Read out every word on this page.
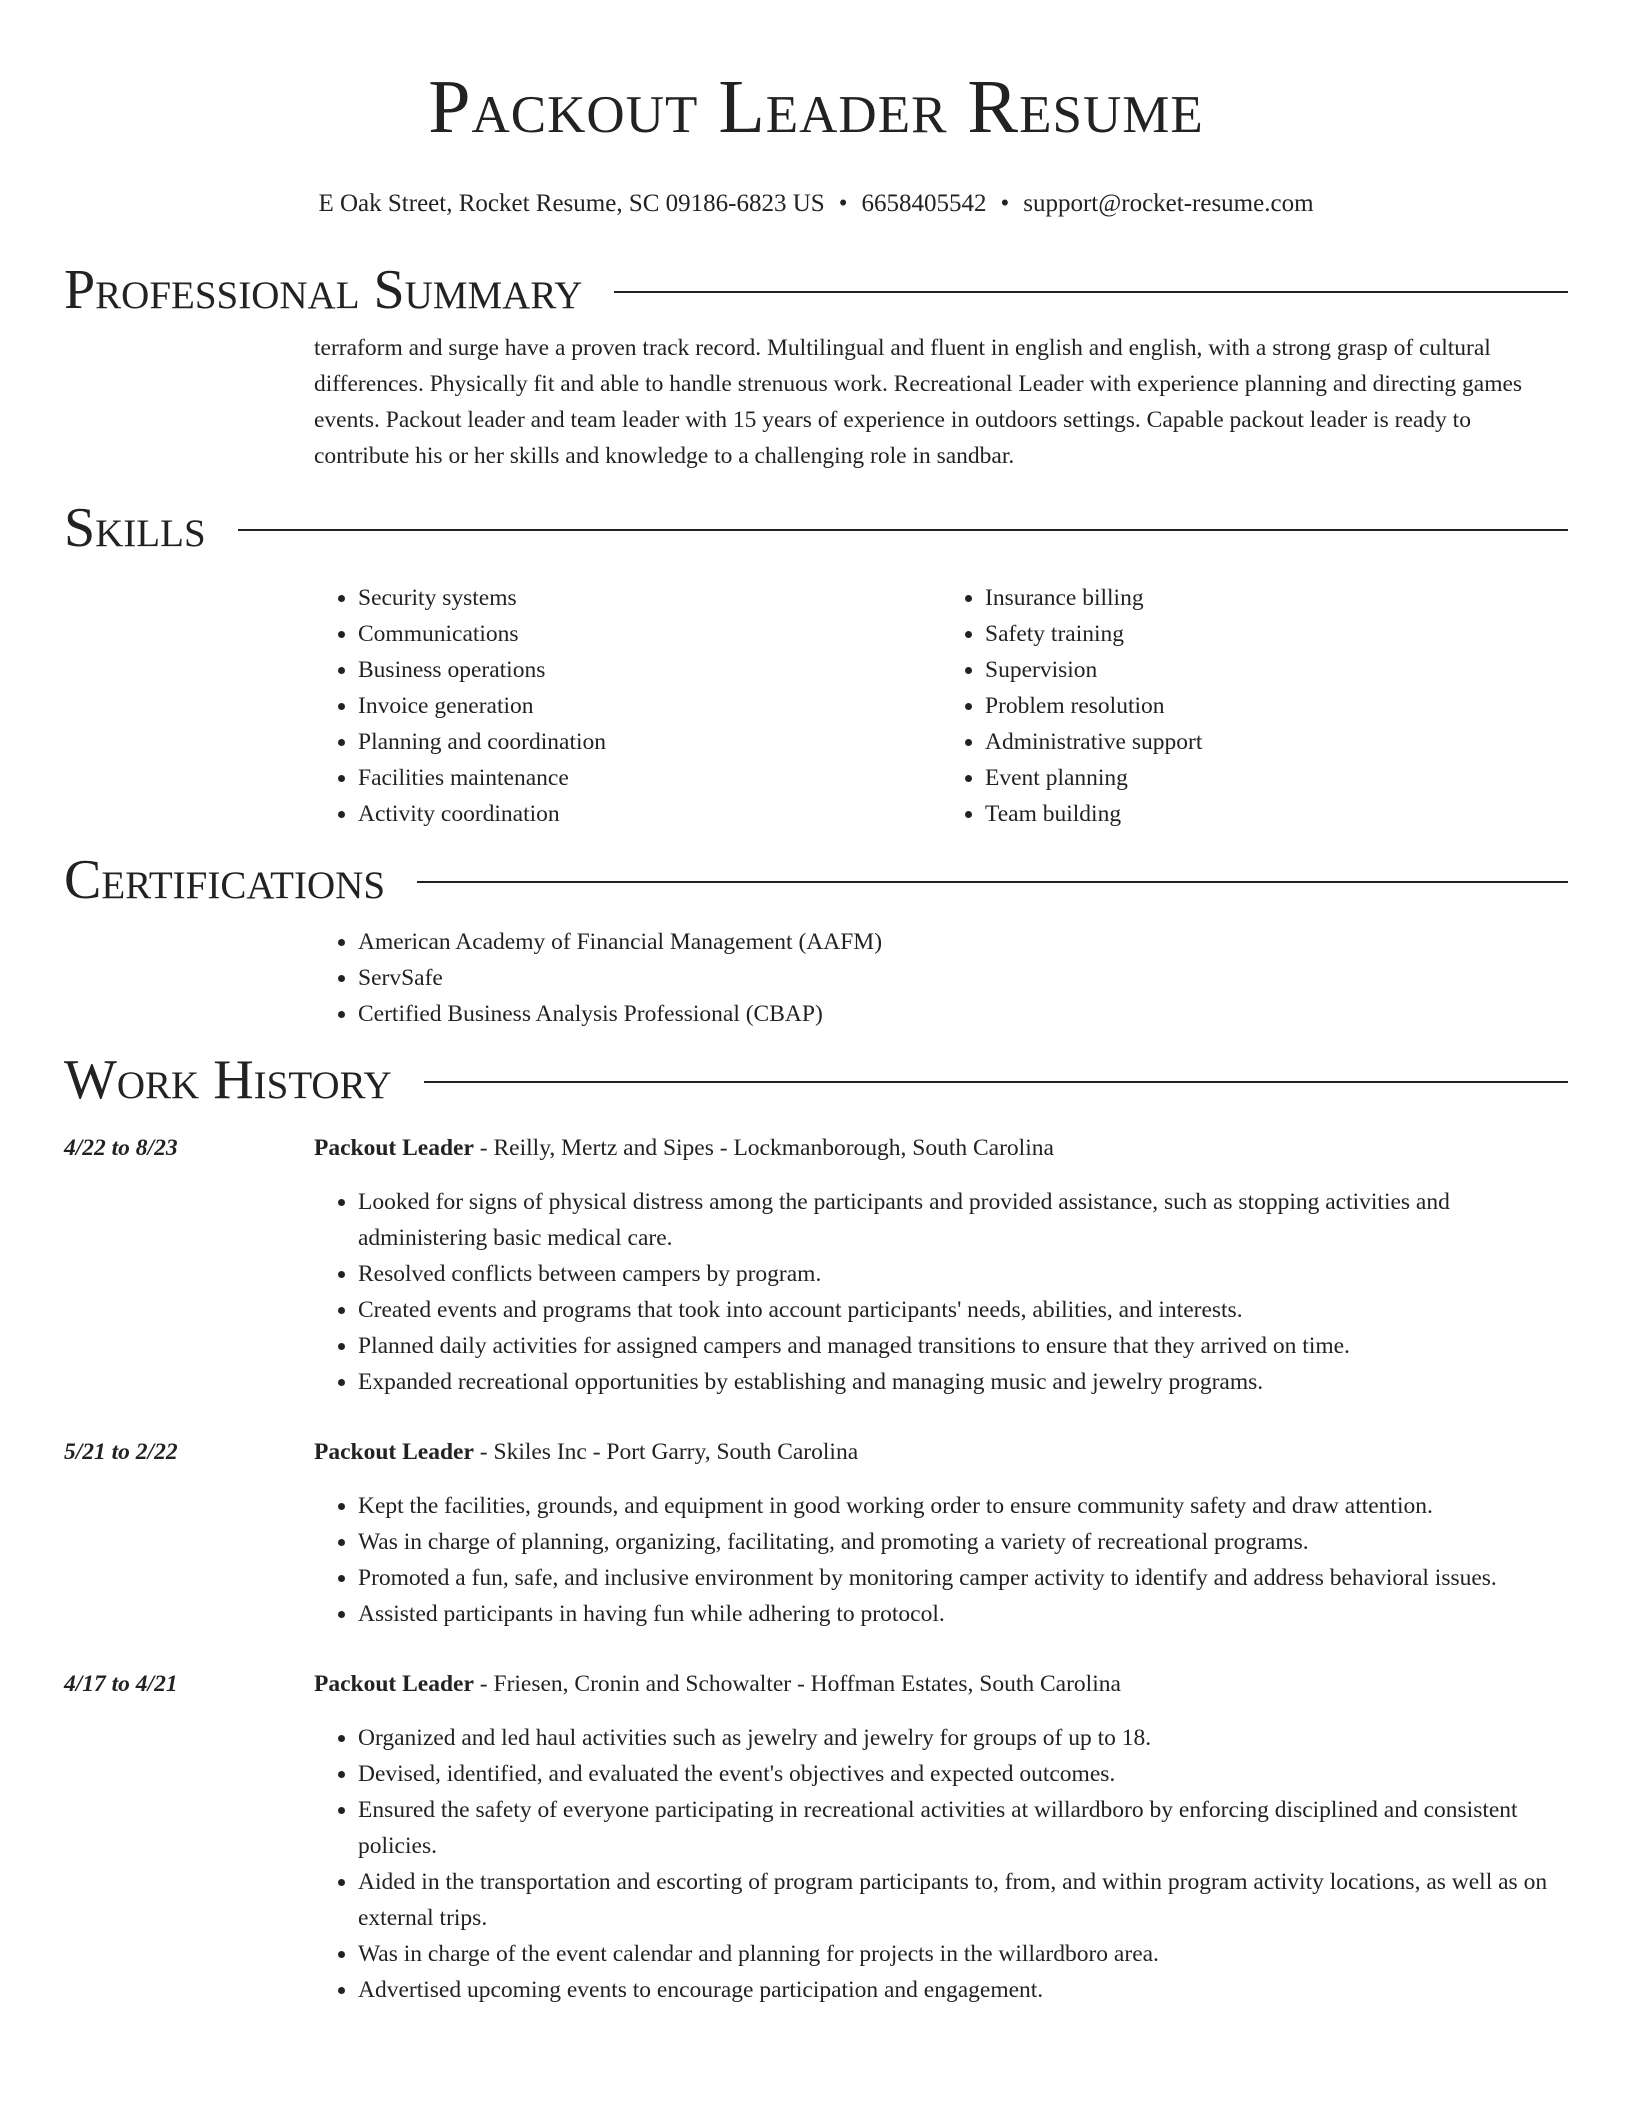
Packout Leader Resume
E Oak Street, Rocket Resume, SC 09186-6823 US • 6658405542 • support@rocket-resume.com
Professional Summary
terraform and surge have a proven track record. Multilingual and fluent in english and english, with a strong grasp of cultural differences. Physically fit and able to handle strenuous work. Recreational Leader with experience planning and directing games events. Packout leader and team leader with 15 years of experience in outdoors settings. Capable packout leader is ready to contribute his or her skills and knowledge to a challenging role in sandbar.
Skills
• Security systems
• Communications
• Business operations
• Invoice generation
• Planning and coordination
• Facilities maintenance
• Activity coordination
• Insurance billing
• Safety training
• Supervision
• Problem resolution
• Administrative support
• Event planning
• Team building
Certifications
• American Academy of Financial Management (AAFM)
• ServSafe
• Certified Business Analysis Professional (CBAP)
Work History
4/22 to 8/23	Packout Leader - Reilly, Mertz and Sipes - Lockmanborough, South Carolina
• Looked for signs of physical distress among the participants and provided assistance, such as stopping activities and administering basic medical care.
• Resolved conflicts between campers by program.
• Created events and programs that took into account participants' needs, abilities, and interests.
• Planned daily activities for assigned campers and managed transitions to ensure that they arrived on time.
• Expanded recreational opportunities by establishing and managing music and jewelry programs.
5/21 to 2/22	Packout Leader - Skiles Inc - Port Garry, South Carolina
• Kept the facilities, grounds, and equipment in good working order to ensure community safety and draw attention.
• Was in charge of planning, organizing, facilitating, and promoting a variety of recreational programs.
• Promoted a fun, safe, and inclusive environment by monitoring camper activity to identify and address behavioral issues.
• Assisted participants in having fun while adhering to protocol.
4/17 to 4/21	Packout Leader - Friesen, Cronin and Schowalter - Hoffman Estates, South Carolina
• Organized and led haul activities such as jewelry and jewelry for groups of up to 18.
• Devised, identified, and evaluated the event's objectives and expected outcomes.
• Ensured the safety of everyone participating in recreational activities at willardboro by enforcing disciplined and consistent policies.
• Aided in the transportation and escorting of program participants to, from, and within program activity locations, as well as on external trips.
• Was in charge of the event calendar and planning for projects in the willardboro area.
• Advertised upcoming events to encourage participation and engagement.
